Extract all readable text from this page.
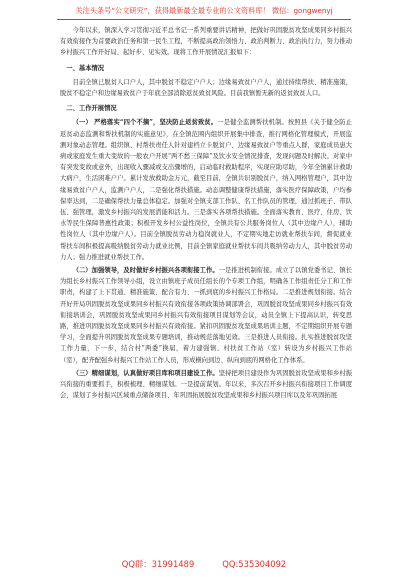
关注头条号“公文研究”，获得最新最全最专业的公文资料库！ 微信：gongwenyj

今年以来，镇深入学习贯彻习近平总书记一系列重要讲话精神，把做好巩固脱贫攻坚成果同乡村振兴有效衔接作为首要政治任务和第一民生工程，不断提高政治领悟力、政治判断力、政治执行力，努力推动乡村振兴工作开好局、起好步、见实效。现将工作开展情况汇报如下：

一、基本情况

目前全镇已脱贫人口户人，其中脱贫不稳定户户人；边缘易致贫户户人，通过持续帮扶、精准施策，脱贫不稳定户和边缘易致贫户于年底全部消除返贫致贫风险。目前我镇暂无新的返贫致贫人口。

二、工作开展情况

（一） 严格落实“四个不摘”，坚决防止返贫致贫。一是健全监测帮扶机制。按照县《关于健全防止返贫动态监测和帮扶机制的实施意见》，在全镇范围内组织开展集中排查，推行网格化管理模式，开展监测对象动态管理。组织镇、村帮扶责任人针对建档立卡脱贫户、边缘易致贫户等重点人群，家庭成员患大病或家庭发生重大变故的一般农户开展“两不愁三保障”及饮水安全情况排查，发现问题及时解决。对家中有突发变故或意外，出现收入骤减或支出骤增的，启动临时救助程序，实现应助尽助，今年全镇累计救助大病户，生活困难户户。累计发放救助金万元，截至目前，全镇共识别脱贫户，纳入网格管理户，其中边缘易致贫户户人，监测户户人，二是强化帮扶措施。动态调整健康帮扶措施，落实医疗保障政策，户均参保率达到，二是确保帮扶力量总体稳定。加强对全镇支部工作队、名工作队员的管理，通过抓班子、带队伍、强管理，激发乡村振兴的发展潜能和活力。三是落实各项帮扶措施。全面落实教育、医疗、住房、饮水等民生保障普惠性政策；积极开发乡村公益性岗位，全镇共有公共服务岗位人（其中边缘户人），辅助性岗位人（其中边缘户人）。目前全镇脱贫劳动力稳岗就业人，不定期实地走访就业帮扶车间，督促就业帮扶车间积极提高吸纳脱贫劳动力就业比例，目前全镇家庭就业帮扶车间共吸纳劳动力人，其中脱贫劳动力人；强力推进就业帮扶工作。

（二）加强领导，及时做好乡村振兴各项衔接工作。一是推进机制衔接。成立了以镇党委书记、镇长为组长乡村振兴工作领导小组，设立由镇班子成员任组长的个专项工作组，明确各工作组责任分工和工作职责，构建了上下贯通、精准施策、配合有力、一抓到底的乡村振兴工作格局。二是推进规划衔接。结合开好开局巩固脱贫攻坚成果同乡村振兴有效衔接各项政策协调部署会，巩固脱贫攻坚成果同乡村振兴有效衔接培训会，巩固脱贫攻坚成果同乡村振兴有效衔接项目谋划等会议，动员全镇上下提高认识，转变思路，推进巩固脱贫攻坚成果同乡村振兴有效衔接。紧扣巩固脱贫攻坚成果培训主题，不定期组织开展专题学习，全面提升巩固脱贫攻坚成果专题培训，推动规范落地见效。三是推进人员衔接。扎实推进脱贫攻坚工作力量，下一步，结合村“两委”换届，着力建强镇、村扶贫工作站（室）转设为乡村振兴工作站（室），配齐配强乡村振兴工作站工作人员，形成横向到边、纵向到底的网格化工作体系。

（三）精细谋划，认真做好项目库和项目建设工作。坚持把项目建设作为巩固脱贫攻坚成果和乡村振兴衔接的重要抓手，积极梳理、精细谋划。一是提前谋划。年以来，多次召开乡村振兴衔接项目工作调度会，谋划了乡村振兴区域重点储备项目、年巩固拓展脱贫攻坚成果和乡村振兴项目库以及年巩固拓展

QQ群：31991489	QQ:535304092
